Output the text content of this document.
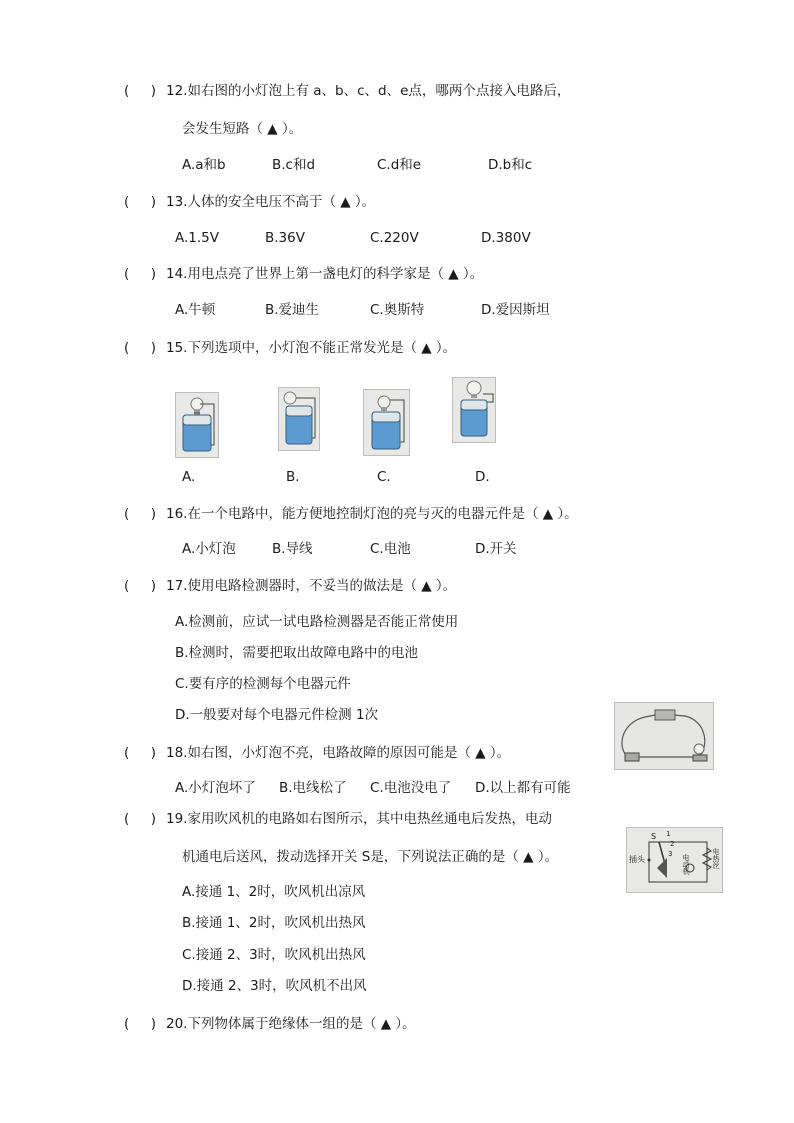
(     ) 12.如右图的小灯泡上有 a、b、c、d、e点，哪两个点接入电路后，
会发生短路（ ▲ ）。
A.a和b	B.c和d	C.d和e	D.b和c
(     ) 13.人体的安全电压不高于（ ▲ ）。
A.1.5V	B.36V	C.220V	D.380V
(     ) 14.用电点亮了世界上第一盏电灯的科学家是（ ▲ ）。
A.牛顿	B.爱迪生	C.奥斯特	D.爱因斯坦
(     ) 15.下列选项中，小灯泡不能正常发光是（ ▲ ）。
A.	B.	C.	D.
(     ) 16.在一个电路中，能方便地控制灯泡的亮与灭的电器元件是（ ▲ ）。
A.小灯泡	B.导线	C.电池	D.开关
(     ) 17.使用电路检测器时，不妥当的做法是（ ▲ ）。
A.检测前，应试一试电路检测器是否能正常使用
B.检测时，需要把取出故障电路中的电池
C.要有序的检测每个电器元件
D.一般要对每个电器元件检测 1次
(     ) 18.如右图，小灯泡不亮，电路故障的原因可能是（ ▲ ）。
A.小灯泡坏了 B.电线松了 C.电池没电了 D.以上都有可能
(     ) 19.家用吹风机的电路如右图所示，其中电热丝通电后发热，电动
机通电后送风，拨动选择开关 S是，下列说法正确的是（ ▲ ）。	插头
S 1
2
3 电动机	电热丝
A.接通 1、2时，吹风机出凉风
B.接通 1、2时，吹风机出热风
C.接通 2、3时，吹风机出热风
D.接通 2、3时，吹风机不出风
(     ) 20.下列物体属于绝缘体一组的是（ ▲ ）。
